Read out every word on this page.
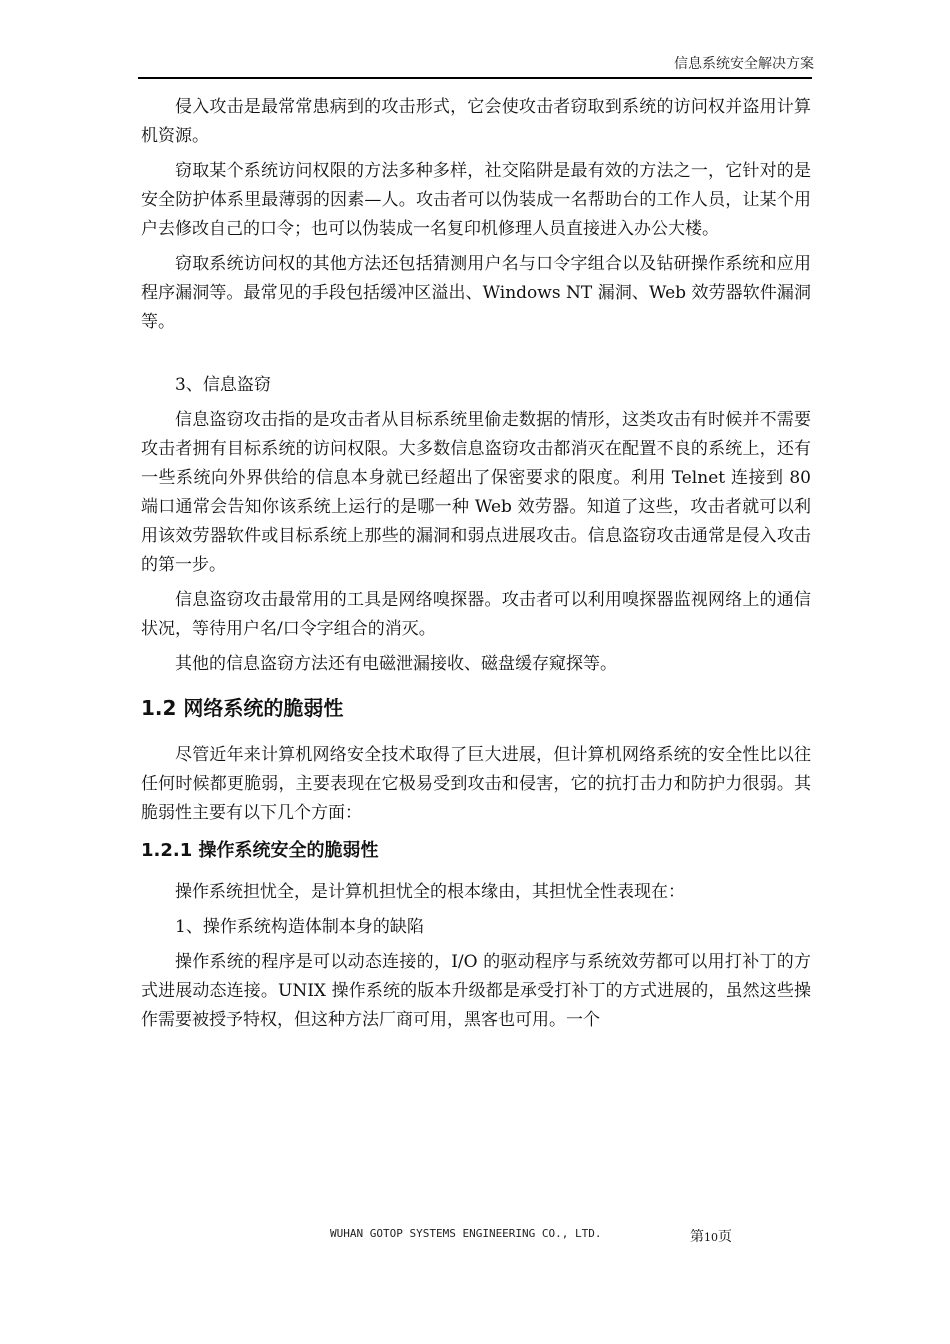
信息系统安全解决方案

侵入攻击是最常常患病到的攻击形式，它会使攻击者窃取到系统的访问权并盗用计算机资源。

窃取某个系统访问权限的方法多种多样，社交陷阱是最有效的方法之一，它针对的是安全防护体系里最薄弱的因素—人。攻击者可以伪装成一名帮助台的工作人员，让某个用户去修改自己的口令；也可以伪装成一名复印机修理人员直接进入办公大楼。

窃取系统访问权的其他方法还包括猜测用户名与口令字组合以及钻研操作系统和应用程序漏洞等。最常见的手段包括缓冲区溢出、Windows NT 漏洞、Web 效劳器软件漏洞等。

3、信息盗窃

信息盗窃攻击指的是攻击者从目标系统里偷走数据的情形，这类攻击有时候并不需要攻击者拥有目标系统的访问权限。大多数信息盗窃攻击都消灭在配置不良的系统上，还有一些系统向外界供给的信息本身就已经超出了保密要求的限度。利用 Telnet 连接到 80 端口通常会告知你该系统上运行的是哪一种 Web 效劳器。知道了这些，攻击者就可以利用该效劳器软件或目标系统上那些的漏洞和弱点进展攻击。信息盗窃攻击通常是侵入攻击的第一步。

信息盗窃攻击最常用的工具是网络嗅探器。攻击者可以利用嗅探器监视网络上的通信状况，等待用户名/口令字组合的消灭。

其他的信息盗窃方法还有电磁泄漏接收、磁盘缓存窥探等。

1.2 网络系统的脆弱性

尽管近年来计算机网络安全技术取得了巨大进展，但计算机网络系统的安全性比以往任何时候都更脆弱，主要表现在它极易受到攻击和侵害，它的抗打击力和防护力很弱。其脆弱性主要有以下几个方面：

1.2.1 操作系统安全的脆弱性

操作系统担忧全，是计算机担忧全的根本缘由，其担忧全性表现在：

1、操作系统构造体制本身的缺陷

操作系统的程序是可以动态连接的，I/O 的驱动程序与系统效劳都可以用打补丁的方式进展动态连接。UNIX 操作系统的版本升级都是承受打补丁的方式进展的，虽然这些操作需要被授予特权，但这种方法厂商可用，黑客也可用。一个

WUHAN GOTOP SYSTEMS ENGINEERING CO., LTD.	第10页
